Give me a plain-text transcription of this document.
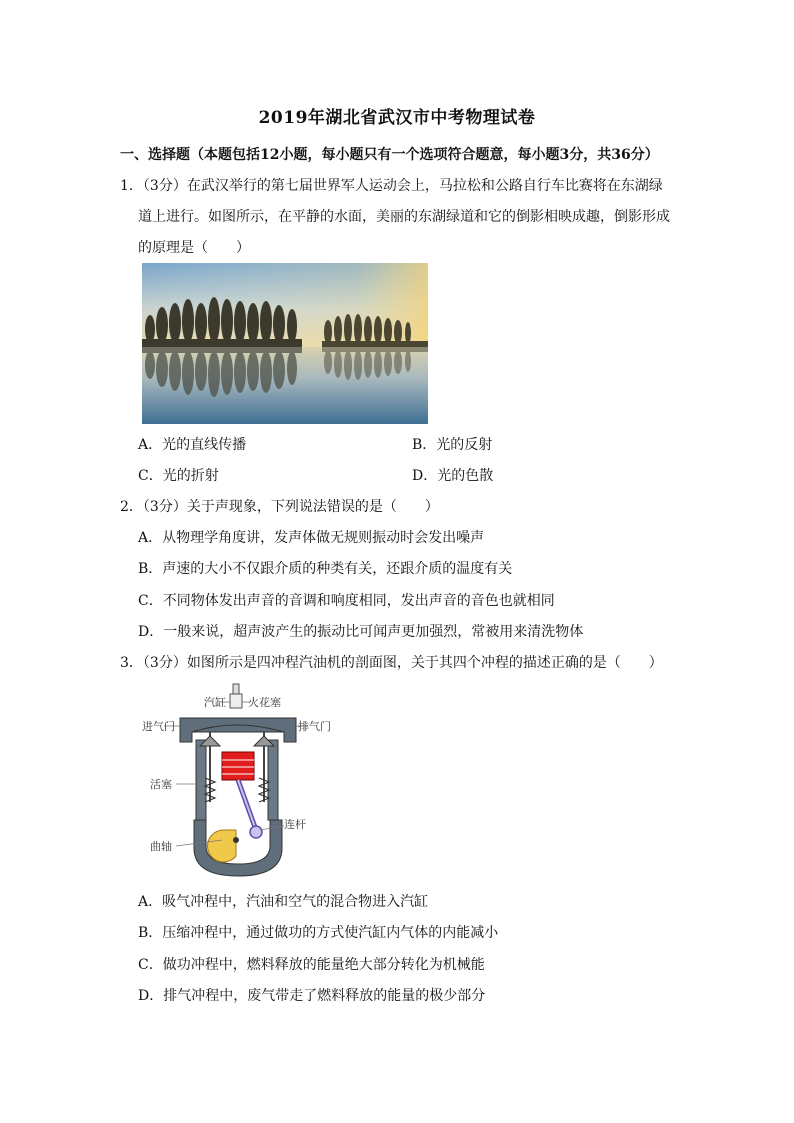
2019年湖北省武汉市中考物理试卷
一、选择题（本题包括12小题，每小题只有一个选项符合题意，每小题3分，共36分）
1．（3分）在武汉举行的第七届世界军人运动会上，马拉松和公路自行车比赛将在东湖绿
道上进行。如图所示，在平静的水面，美丽的东湖绿道和它的倒影相映成趣，倒影形成
的原理是（　　）
A．光的直线传播	B．光的反射
C．光的折射	D．光的色散
2．（3分）关于声现象，下列说法错误的是（　　）
A．从物理学角度讲，发声体做无规则振动时会发出噪声
B．声速的大小不仅跟介质的种类有关，还跟介质的温度有关
C．不同物体发出声音的音调和响度相同，发出声音的音色也就相同
D．一般来说，超声波产生的振动比可闻声更加强烈，常被用来清洗物体
3．（3分）如图所示是四冲程汽油机的剖面图，关于其四个冲程的描述正确的是（　　）
汽缸 火花塞
进气门	排气门
活塞
连杆
曲轴
A．吸气冲程中，汽油和空气的混合物进入汽缸
B．压缩冲程中，通过做功的方式使汽缸内气体的内能减小
C．做功冲程中，燃料释放的能量绝大部分转化为机械能
D．排气冲程中，废气带走了燃料释放的能量的极少部分
